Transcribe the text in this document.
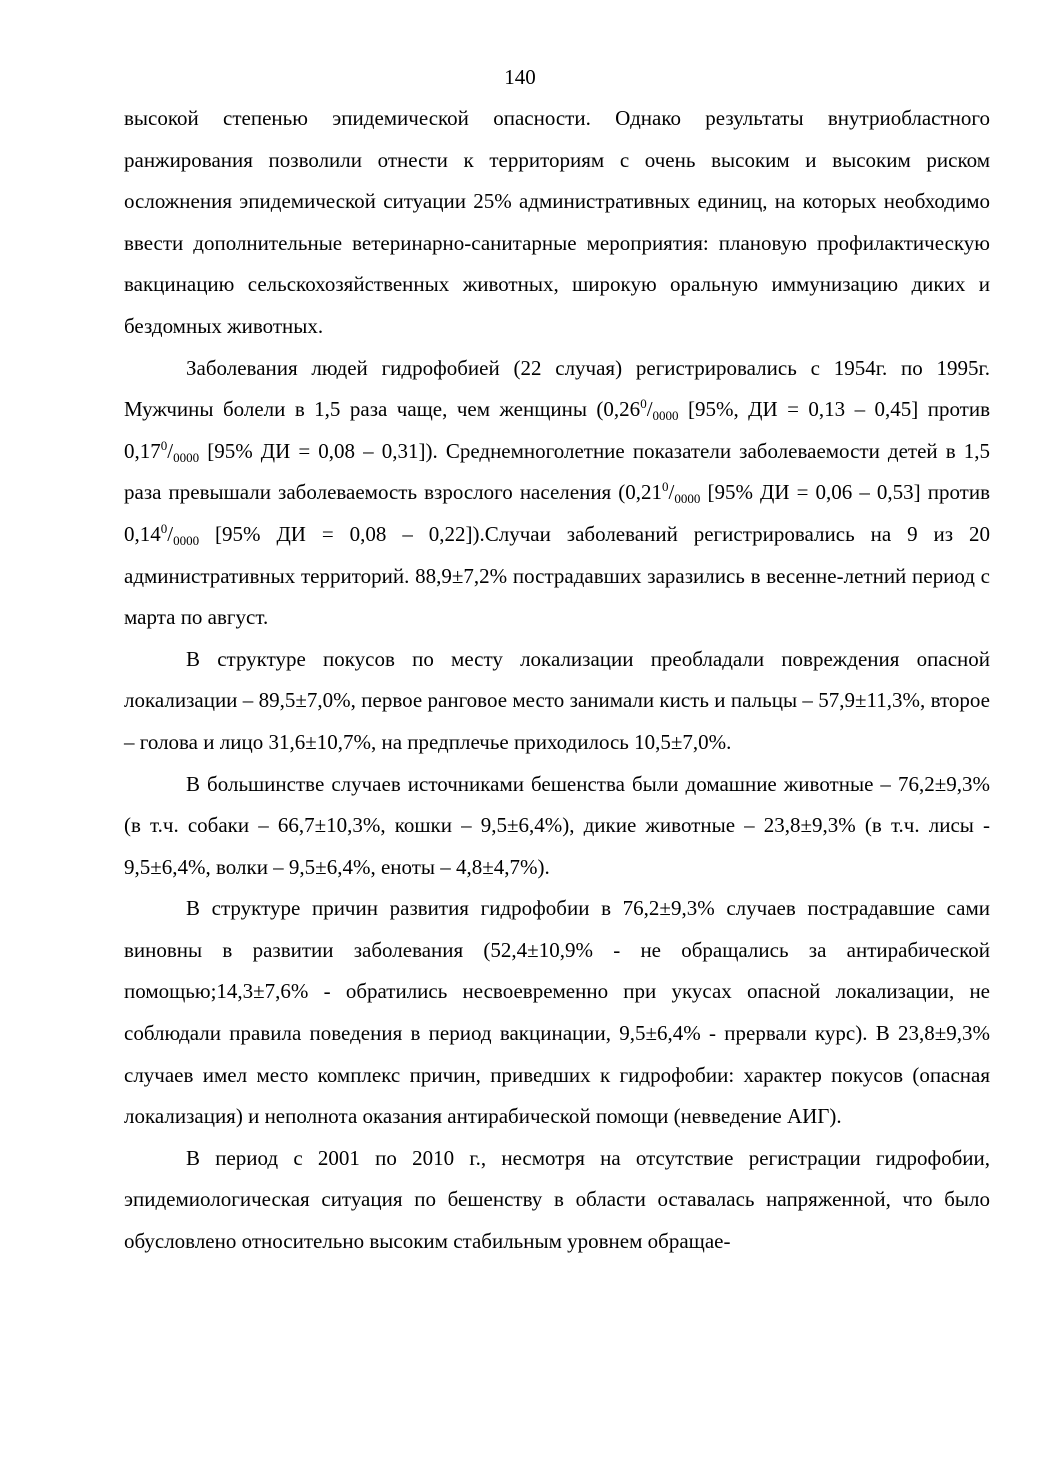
140

высокой степенью эпидемической опасности. Однако результаты внутриобластного ранжирования позволили отнести к территориям с очень высоким и высоким риском осложнения эпидемической ситуации 25% административных единиц, на которых необходимо ввести дополнительные ветеринарно-санитарные мероприятия: плановую профилактическую вакцинацию сельскохозяйственных животных, широкую оральную иммунизацию диких и бездомных животных.

Заболевания людей гидрофобией (22 случая) регистрировались с 1954г. по 1995г. Мужчины болели в 1,5 раза чаще, чем женщины ($0,26^0/_{0000}$ [95%, ДИ = 0,13 – 0,45] против $0,17^0/_{0000}$ [95% ДИ = 0,08 – 0,31]). Среднемноголетние показатели заболеваемости детей в 1,5 раза превышали заболеваемость взрослого населения ($0,21^0/_{0000}$ [95% ДИ = 0,06 – 0,53] против $0,14^0/_{0000}$ [95% ДИ = 0,08 – 0,22]).Случаи заболеваний регистрировались на 9 из 20 административных территорий. 88,9±7,2% пострадавших заразились в весенне-летний период с марта по август.

В структуре покусов по месту локализации преобладали повреждения опасной локализации – 89,5±7,0%, первое ранговое место занимали кисть и пальцы – 57,9±11,3%, второе – голова и лицо 31,6±10,7%, на предплечье приходилось 10,5±7,0%.

В большинстве случаев источниками бешенства были домашние животные – 76,2±9,3% (в т.ч. собаки – 66,7±10,3%, кошки – 9,5±6,4%), дикие животные – 23,8±9,3% (в т.ч. лисы - 9,5±6,4%, волки – 9,5±6,4%, еноты – 4,8±4,7%).

В структуре причин развития гидрофобии в 76,2±9,3% случаев пострадавшие сами виновны в развитии заболевания (52,4±10,9% - не обращались за антирабической помощью;14,3±7,6% - обратились несвоевременно при укусах опасной локализации, не соблюдали правила поведения в период вакцинации, 9,5±6,4% - прервали курс). В 23,8±9,3% случаев имел место комплекс причин, приведших к гидрофобии: характер покусов (опасная локализация) и неполнота оказания антирабической помощи (невведение АИГ).

В период с 2001 по 2010 г., несмотря на отсутствие регистрации гидрофобии, эпидемиологическая ситуация по бешенству в области оставалась напряженной, что было обусловлено относительно высоким стабильным уровнем обращае-
